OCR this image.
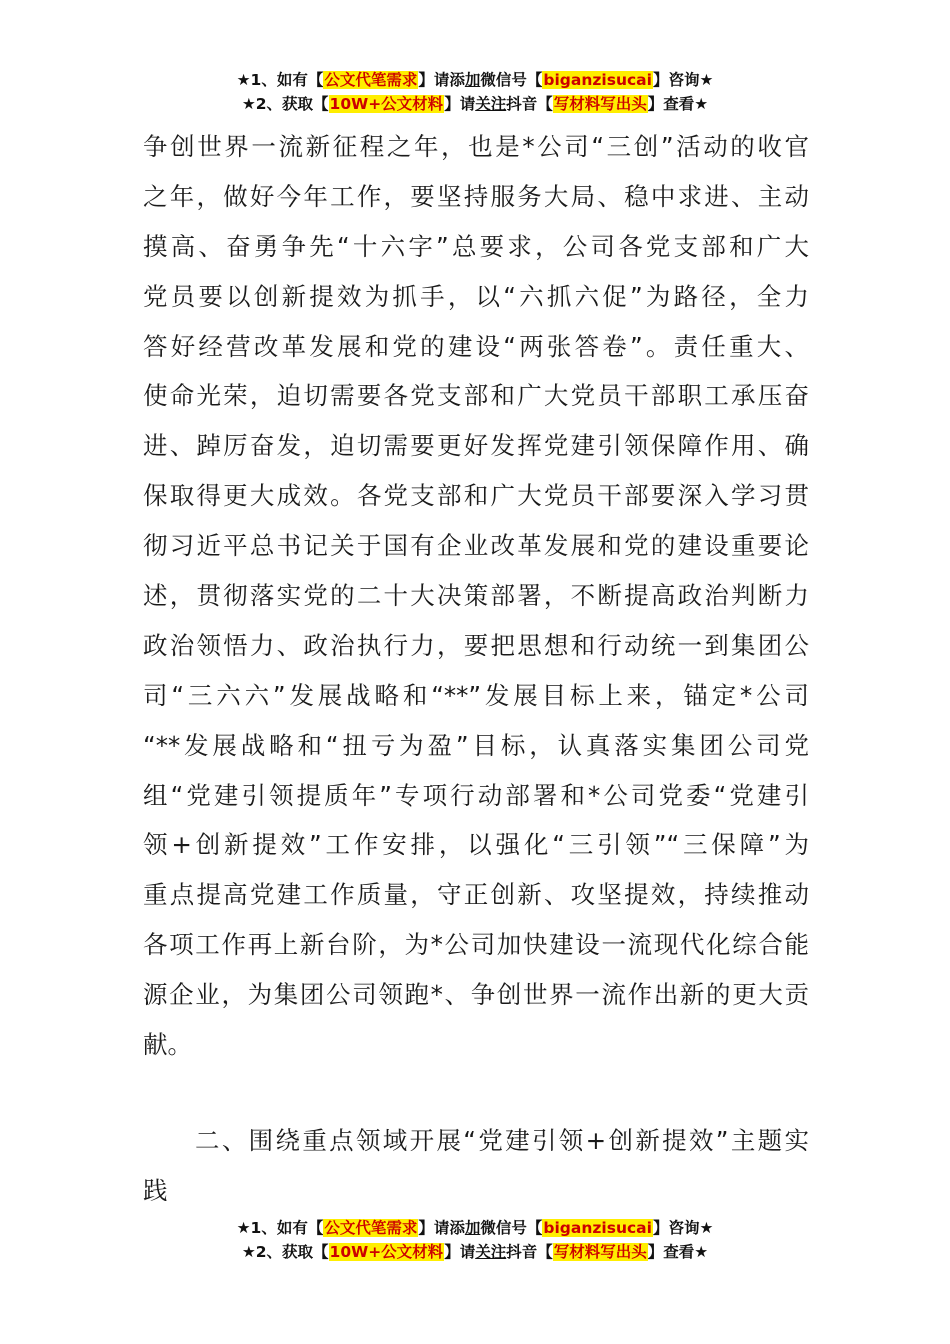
★1、如有【公文代笔需求】请添加微信号【biganzisucai】咨询★
★2、获取【10W+公文材料】请关注抖音【写材料写出头】查看★
争创世界一流新征程之年，也是*公司“三创”活动的收官
之年，做好今年工作，要坚持服务大局、稳中求进、主动
摸高、奋勇争先“十六字”总要求，公司各党支部和广大
党员要以创新提效为抓手，以“六抓六促”为路径，全力
答好经营改革发展和党的建设“两张答卷”。责任重大、
使命光荣，迫切需要各党支部和广大党员干部职工承压奋
进、踔厉奋发，迫切需要更好发挥党建引领保障作用、确
保取得更大成效。各党支部和广大党员干部要深入学习贯
彻习近平总书记关于国有企业改革发展和党的建设重要论
述，贯彻落实党的二十大决策部署，不断提高政治判断力
政治领悟力、政治执行力，要把思想和行动统一到集团公
司“三六六”发展战略和“**”发展目标上来，锚定*公司
“**发展战略和“扭亏为盈”目标，认真落实集团公司党
组“党建引领提质年”专项行动部署和*公司党委“党建引
领+创新提效”工作安排，以强化“三引领”“三保障”为
重点提高党建工作质量，守正创新、攻坚提效，持续推动
各项工作再上新台阶，为*公司加快建设一流现代化综合能
源企业，为集团公司领跑*、争创世界一流作出新的更大贡
献。
二、围绕重点领域开展“党建引领+创新提效”主题实
践
★1、如有【公文代笔需求】请添加微信号【biganzisucai】咨询★
★2、获取【10W+公文材料】请关注抖音【写材料写出头】查看★
